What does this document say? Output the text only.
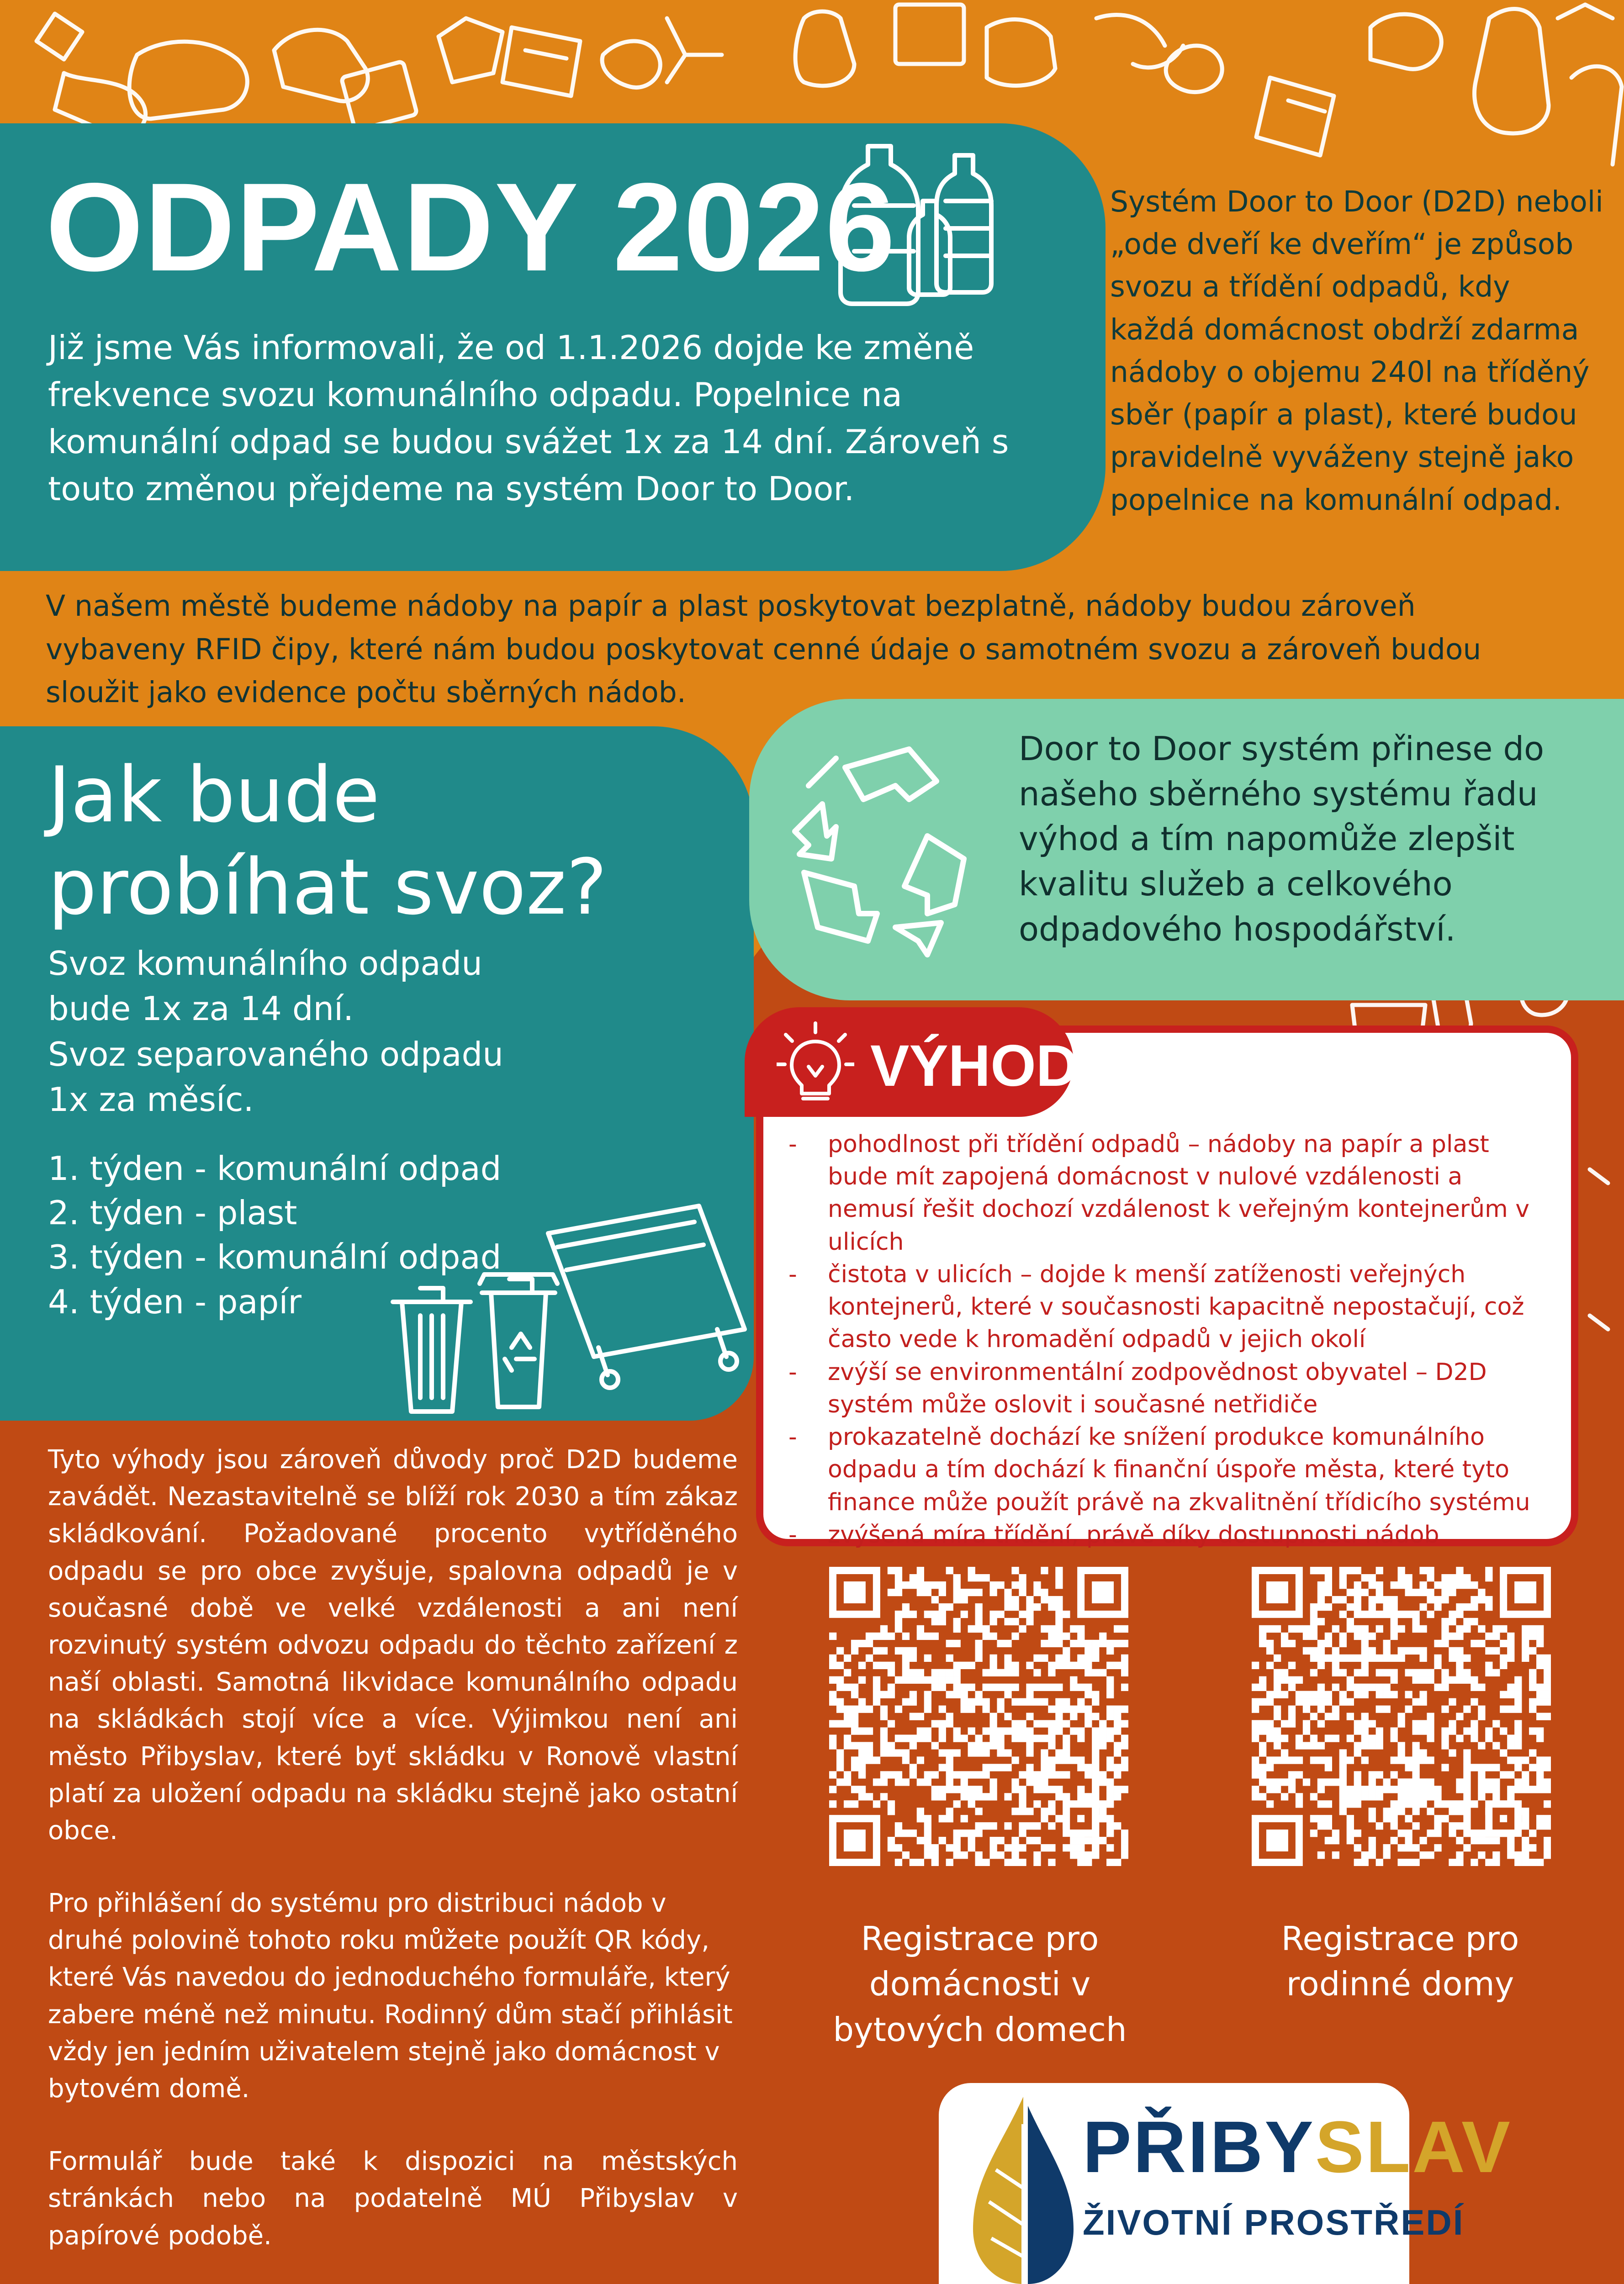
ODPADY 2026
Již jsme Vás informovali, že od 1.1.2026 dojde ke změně frekvence svozu komunálního odpadu. Popelnice na komunální odpad se budou svážet 1x za 14 dní. Zároveň s touto změnou přejdeme na systém Door to Door.
Systém Door to Door (D2D) neboli „ode dveří ke dveřím“ je způsob svozu a třídění odpadů, kdy každá domácnost obdrží zdarma nádoby o objemu 240l na tříděný sběr (papír a plast), které budou pravidelně vyváženy stejně jako popelnice na komunální odpad.
V našem městě budeme nádoby na papír a plast poskytovat bezplatně, nádoby budou zároveň vybaveny RFID čipy, které nám budou poskytovat cenné údaje o samotném svozu a zároveň budou sloužit jako evidence počtu sběrných nádob.
Jak bude
probíhat svoz?
Svoz komunálního odpadu
bude 1x za 14 dní.
Svoz separovaného odpadu
1x za měsíc.
1. týden - komunální odpad
2. týden - plast
3. týden - komunální odpad
4. týden - papír
Door to Door systém přinese do našeho sběrného systému řadu výhod a tím napomůže zlepšit kvalitu služeb a celkového odpadového hospodářství.
VÝHODY
- pohodlnost při třídění odpadů – nádoby na papír a plast bude mít zapojená domácnost v nulové vzdálenosti a nemusí řešit dochozí vzdálenost k veřejným kontejnerům v ulicích
- čistota v ulicích – dojde k menší zatíženosti veřejných kontejnerů, které v současnosti kapacitně nepostačují, což často vede k hromadění odpadů v jejich okolí
- zvýší se environmentální zodpovědnost obyvatel – D2D systém může oslovit i současné netřidiče
- prokazatelně dochází ke snížení produkce komunálního odpadu a tím dochází k finanční úspoře města, které tyto finance může použít právě na zkvalitnění třídicího systému
- zvýšená míra třídění, právě díky dostupnosti nádob

Tyto výhody jsou zároveň důvody proč D2D budeme zavádět. Nezastavitelně se blíží rok 2030 a tím zákaz skládkování. Požadované procento vytříděného odpadu se pro obce zvyšuje, spalovna odpadů je v současné době ve velké vzdálenosti a ani není rozvinutý systém odvozu odpadu do těchto zařízení z naší oblasti. Samotná likvidace komunálního odpadu na skládkách stojí více a více. Výjimkou není ani město Přibyslav, které byť skládku v Ronově vlastní platí za uložení odpadu na skládku stejně jako ostatní obce.

Pro přihlášení do systému pro distribuci nádob v druhé polovině tohoto roku můžete použít QR kódy, které Vás navedou do jednoduchého formuláře, který zabere méně než minutu. Rodinný dům stačí přihlásit vždy jen jedním uživatelem stejně jako domácnost v bytovém domě.

Formulář bude také k dispozici na městských stránkách nebo na podatelně MÚ Přibyslav v papírové podobě.

Registrace pro domácnosti v bytových domech
Registrace pro rodinné domy
PŘIBYSLAV
ŽIVOTNÍ PROSTŘEDÍ
